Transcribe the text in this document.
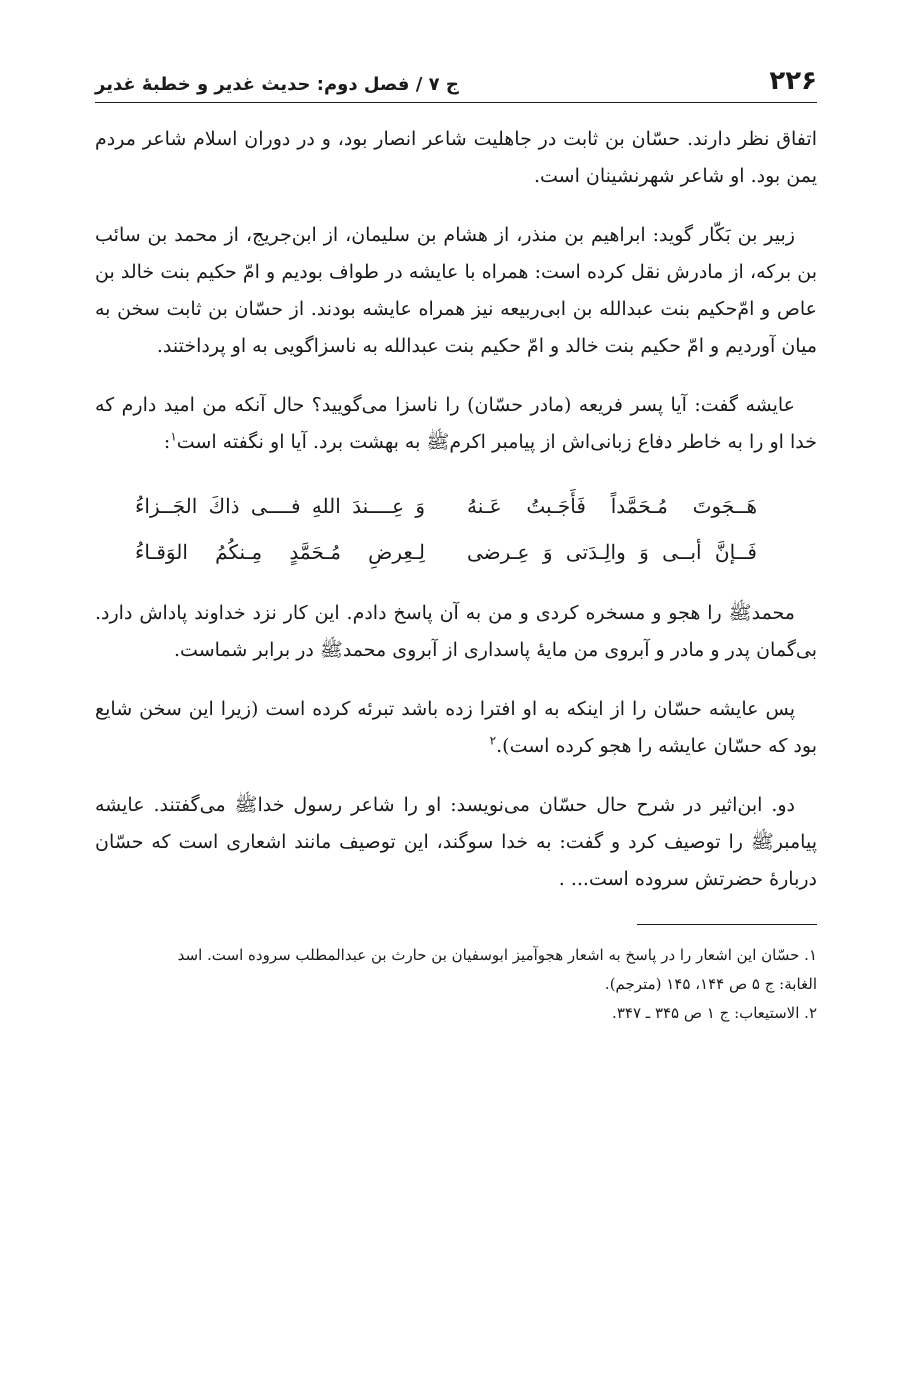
۲۲۶
ج ۷ / فصل دوم: حدیث غدیر و خطبهٔ غدیر

اتفاق نظر دارند. حسّان بن ثابت در جاهلیت شاعر انصار بود، و در دوران اسلام شاعر مردم یمن بود. او شاعر شهرنشینان است.

زبیر بن بَکّار گوید: ابراهیم بن منذر، از هشام بن سلیمان، از ابن‌جریج، از محمد بن سائب بن برکه، از مادرش نقل کرده است: همراه با عایشه در طواف بودیم و امّ حکیم بنت خالد بن عاص و امّ‌حکیم بنت عبدالله بن ابی‌ربیعه نیز همراه عایشه بودند. از حسّان بن ثابت سخن به میان آوردیم و امّ حکیم بنت خالد و امّ حکیم بنت عبدالله به ناسزاگویی به او پرداختند.

عایشه گفت: آیا پسر فریعه (مادر حسّان) را ناسزا می‌گویید؟ حال آنکه من امید دارم که خدا او را به خاطر دفاع زبانی‌اش از پیامبر اکرمﷺ به بهشت برد. آیا او نگفته است$^۱$:

هَــجَوتَ مُـحَمَّداً فَأَجَـبتُ عَـنهُ
وَ عِــــندَ اللهِ فــــی ذاكَ الجَــزاءُ
فَــإنَّ أبــی وَ والِـدَتی وَ عِـرضی
لِـعِرضِ مُـحَمَّدٍ مِـنكُمُ الوَقـاءُ

محمدﷺ را هجو و مسخره کردی و من به آن پاسخ دادم. این کار نزد خداوند پاداش دارد. بی‌گمان پدر و مادر و آبروی من مایهٔ پاسداری از آبروی محمدﷺ در برابر شماست.

پس عایشه حسّان را از اینکه به او افترا زده باشد تبرئه کرده است (زیرا این سخن شایع بود که حسّان عایشه را هجو کرده است).$^۲$

دو. ابن‌اثیر در شرح حال حسّان می‌نویسد: او را شاعر رسول خداﷺ می‌گفتند. عایشه پیامبرﷺ را توصیف کرد و گفت: به خدا سوگند، این توصیف مانند اشعاری است که حسّان دربارهٔ حضرتش سروده است... .

۱. حسّان این اشعار را در پاسخ به اشعار هجوآمیز ابوسفیان بن حارث بن عبدالمطلب سروده است. اسد

الغابة: ج ۵ ص ۱۴۴، ۱۴۵ (مترجم).

۲. الاستیعاب: ج ۱ ص ۳۴۵ ـ ۳۴۷.
